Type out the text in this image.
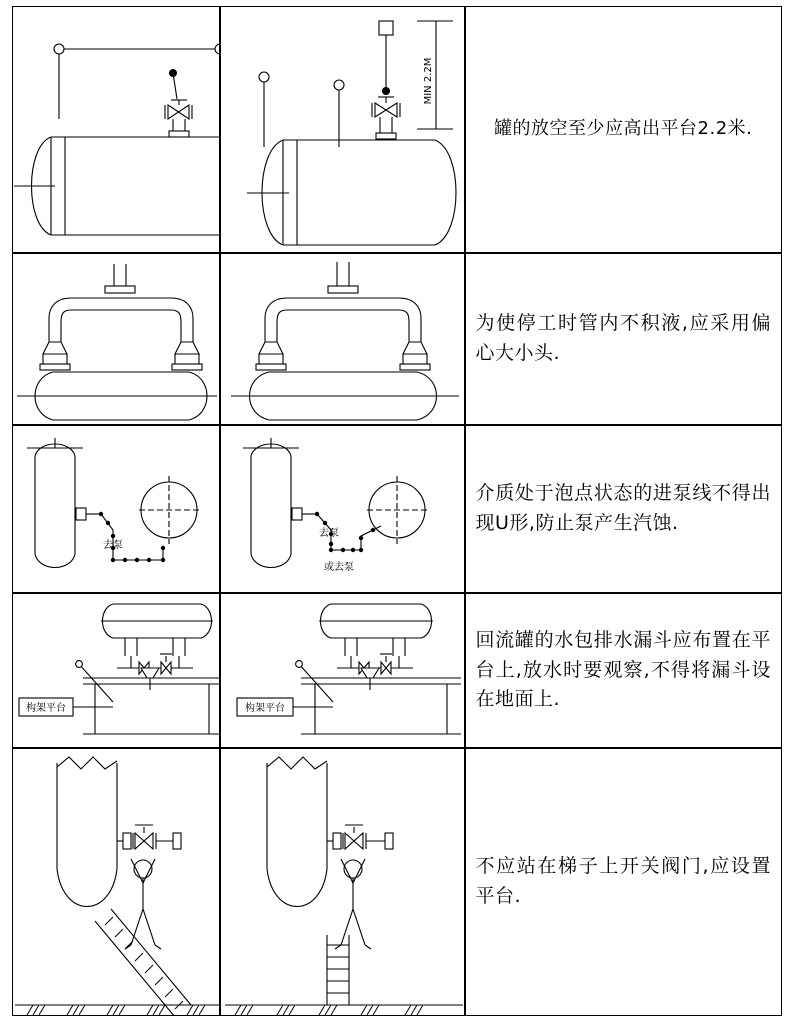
MIN 2.2M
罐的放空至少应高出平台2.2米.
为使停工时管内不积液,应采用偏心大小头.
去泵
去泵
或去泵
介质处于泡点状态的进泵线不得出现U形,防止泵产生汽蚀.
构架平台	构架平台
回流罐的水包排水漏斗应布置在平台上,放水时要观察,不得将漏斗设在地面上.
不应站在梯子上开关阀门,应设置平台.
